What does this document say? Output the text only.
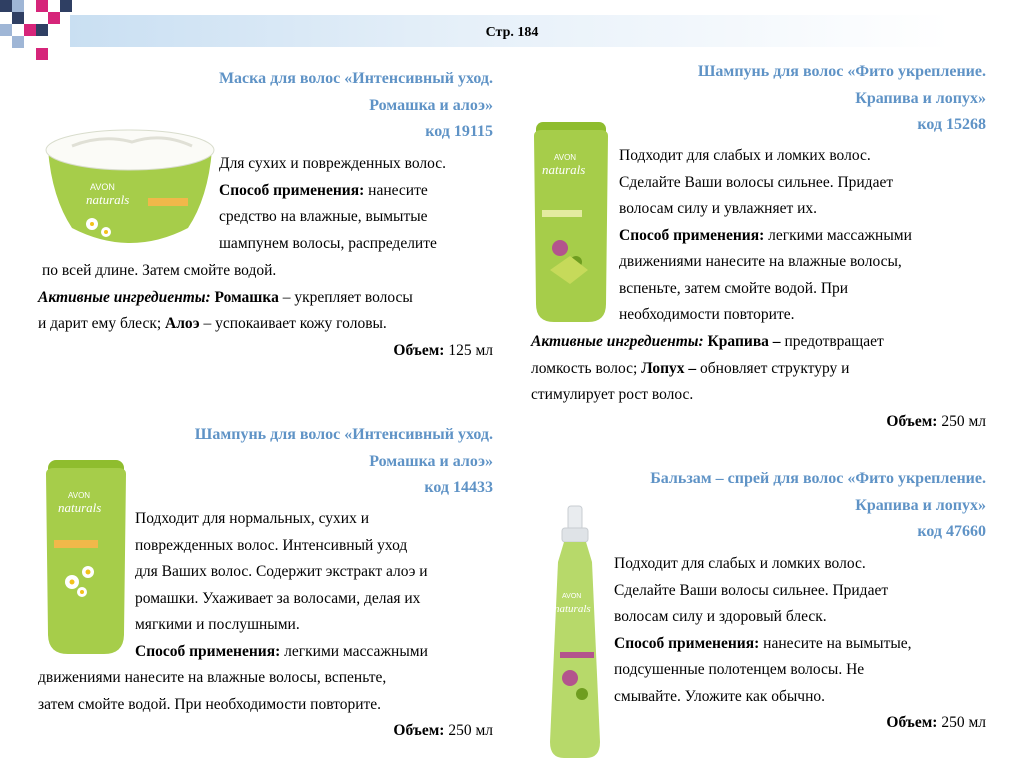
Стр. 184
AVON
naturals
Маска для волос «Интенсивный уход.
Ромашка и алоэ»
код 19115
Для сухих и поврежденных волос.
Способ применения: нанесите
средство на влажные, вымытые
шампунем волосы, распределите
по всей длине. Затем смойте водой.
Активные ингредиенты: Ромашка – укрепляет волосы
и дарит ему блеск; Алоэ – успокаивает кожу головы.
Объем: 125 мл
AVON
naturals
Шампунь для волос «Интенсивный уход.
Ромашка и алоэ»
код 14433
Подходит для нормальных, сухих и
поврежденных волос. Интенсивный уход
для Ваших волос. Содержит экстракт алоэ и
ромашки. Ухаживает за волосами, делая их
мягкими и послушными.
Способ применения: легкими массажными
движениями нанесите на влажные волосы, вспеньте,
затем смойте водой. При необходимости повторите.
Объем: 250 мл
AVON
naturals
Шампунь для волос «Фито укрепление.
Крапива и лопух»
код 15268
Подходит для слабых и ломких волос.
Сделайте Ваши волосы сильнее. Придает
волосам силу и увлажняет их.
Способ применения: легкими массажными
движениями нанесите на влажные волосы,
вспеньте, затем смойте водой. При
необходимости повторите.
Активные ингредиенты: Крапива – предотвращает
ломкость волос; Лопух – обновляет структуру и
стимулирует рост волос.
Объем: 250 мл
AVON
naturals
Бальзам – спрей для волос «Фито укрепление.
Крапива и лопух»
код 47660
Подходит для слабых и ломких волос.
Сделайте Ваши волосы сильнее. Придает
волосам силу и здоровый блеск.
Способ применения: нанесите на вымытые,
подсушенные полотенцем волосы. Не
смывайте. Уложите как обычно.
Объем: 250 мл
